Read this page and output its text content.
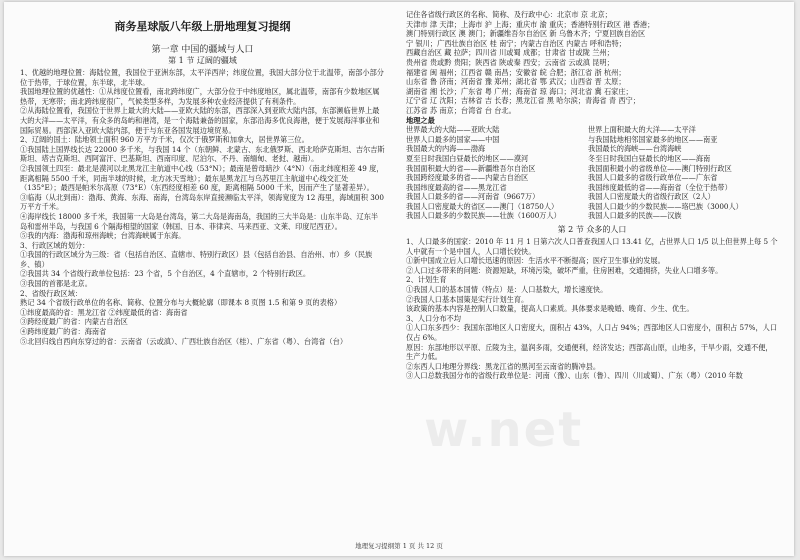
商务星球版八年级上册地理复习提纲

第一章 中国的疆域与人口

第 1 节 辽阔的疆域

1、优越的地理位置：海陆位置，我国位于亚洲东部，太平洋西岸；纬度位置，我国大部分位于北温带，南部小部分位于热带，于球位置，东半球，北半球。

我国地理位置的优越性：①从纬度位置看，南北跨纬度广，大部分位于中纬度地区，属北温带，南部有少数地区属热带，无寒带；南北跨纬度很广，气候类型多样，为发展多种农业经济提供了有利条件。

②从海陆位置看，我国位于世界上最大的大陆——亚欧大陆的东部，西部深入到亚欧大陆内部，东部濒临世界上最大的大洋——太平洋，有众多的岛屿和港湾，是一个海陆兼备的国家，东部沿海多优良海港，便于发展海洋事业和国际贸易。西部深入亚欧大陆内部，便于与东亚各国发展边境贸易。

2、辽阔的国土：陆地领土面积 960 万平方千米，仅次于俄罗斯和加拿大，居世界第三位。

①我国陆上国界线长达 22000 多千米，与我国 14 个（东朝鲜、北蒙古、东北俄罗斯、西北哈萨克斯坦、吉尔吉斯斯坦、塔吉克斯坦、西阿富汗、巴基斯坦、西南印度、尼泊尔、不丹、南缅甸、老挝、越南）。

②我国领土四至：最北是漠河以北黑龙江主航道中心线（53°N）；最南是曾母暗沙（4°N）（南北纬度相差 49 度，距离相隔 5500 千米，同南半球的时候，北方冰天雪地）；最东是黑龙江与乌苏里江主航道中心线交汇处（135°E）；最西是帕米尔高原（73°E）（东西经度相差 60 度，距离相隔 5000 千米，因而产生了显著差异）。

③临海（从北到南）：渤海、黄海、东海、南海，台湾岛东岸直接濒临太平洋，领海宽度为 12 海里，海域面积 300 万平方千米。

④海岸线长 18000 多千米，我国第一大岛是台湾岛，第二大岛是海南岛，我国的三大半岛是：山东半岛、辽东半岛和雷州半岛，与我国 6 个隔海相望的国家（韩国、日本、菲律宾、马来西亚、文莱、印度尼西亚）。

⑤我的内海：渤海和琼州海峡；台湾海峡属于东海。

3、行政区域的划分：

①我国的行政区域分为三级：省（包括自治区、直辖市、特别行政区）县（包括自治县、自治州、市）乡（民族乡、镇）

②我国共 34 个省级行政单位包括：23 个省，5 个自治区，4 个直辖市，2 个特别行政区。

③我国的首都是北京。

2、省级行政区域：

熟记 34 个省级行政单位的名称、简称、位置分布与大概轮廓（即课本 8 页图 1.5 和第 9 页的表格）

①纬度最高的省：黑龙江省 ②纬度最低的省：海南省

③跨经度最广的省：内蒙古自治区

④跨纬度最广的省：海南省

⑤北回归线自西向东穿过的省：云南省（云或滇）、广西壮族自治区（桂）、广东省（粤）、台湾省（台）

记住各省级行政区的名称、简称、及行政中心：北京市 京 北京；

天津市 津 天津；上海市 沪 上海；重庆市 渝 重庆；香港特别行政区 港 香港；

澳门特别行政区 澳 澳门；新疆维吾尔自治区 新 乌鲁木齐；宁夏回族自治区

宁 银川；广西壮族自治区 桂 南宁；内蒙古自治区 内蒙古 呼和浩特；

西藏自治区 藏 拉萨；四川省 川或蜀 成都；甘肃省 甘或陇 兰州；

贵州省 贵或黔 贵阳；陕西省 陕或秦 西安；云南省 云或滇 昆明；

福建省 闽 福州；江西省 赣 南昌；安徽省 皖 合肥；浙江省 浙 杭州；

山东省 鲁 济南；河南省 豫 郑州；湖北省 鄂 武汉；山西省 晋 太原；

湖南省 湘 长沙；广东省 粤 广州；海南省 琼 海口；河北省 冀 石家庄；

辽宁省 辽 沈阳；吉林省 吉 长春；黑龙江省 黑 哈尔滨；青海省 青 西宁；

江苏省 苏 南京；台湾省 台 台北。

地理之最

世界最大的大陆——亚欧大陆	世界上面积最大的大洋——太平洋
世界人口最多的国家——中国	与我国陆地相邻国家最多的地区——南亚
我国最大的内海——渤海	我国最长的海峡——台湾海峡
夏至日时我国白昼最长的地区——漠河	冬至日时我国白昼最长的地区——海南
我国面积最大的省——新疆维吾尔自治区	我国面积最小的省级单位——澳门特别行政区
我国跨经度最多的省——内蒙古自治区	我国人口最多的省级行政单位——广东省
我国纬度最高的省——黑龙江省	我国纬度最低的省——海南省（全位于热带）
我国人口最多的省——河南省（9667万）	我国人口密度最大的省级行政区（2人）
我国人口密度最大的省区——澳门（18750人）	我国人口最少的少数民族——珞巴族（3000人）
我国人口最多的少数民族——壮族（1600万人）	我国人口最多的民族——汉族

第 2 节 众多的人口

1、人口最多的国家：2010 年 11 月 1 日第六次人口普查我国人口 13.41 亿，占世界人口 1/5 以上但世界上每 5 个人中就有一个是中国人，人口增长较快。

①新中国成立后人口增长迅速的原因：生活水平不断提高；医疗卫生事业的发展。

②人口过多带来的问题：资源短缺，环境污染，破坏严重，住房困难，交通拥挤，失业人口增多等。

2、计划生育

①我国人口的基本国情（特点）是：人口基数大，增长速度快。

②我国人口基本国策是实行计划生育。

该政策的基本内容是控制人口数量，提高人口素质。具体要求是晚婚、晚育、少生、优生。

3、人口分布不均

①人口东多西少：我国东部地区人口密度大，面积占 43%，人口占 94%；西部地区人口密度小，面积占 57%，人口仅占 6%。

原因：东部地形以平原、丘陵为主，温润多雨，交通便利，经济发达；西部高山原，山地多，干旱少雨，交通不便，生产力低。

②东西人口地理分界线：黑龙江省的黑河至云南省的腾冲县。

③人口总数我国分布的省级行政单位是：河南（豫）、山东（鲁）、四川（川或蜀）、广东（粤）（2010 年数

w.net
地理复习提纲第 1 页 共 12 页
